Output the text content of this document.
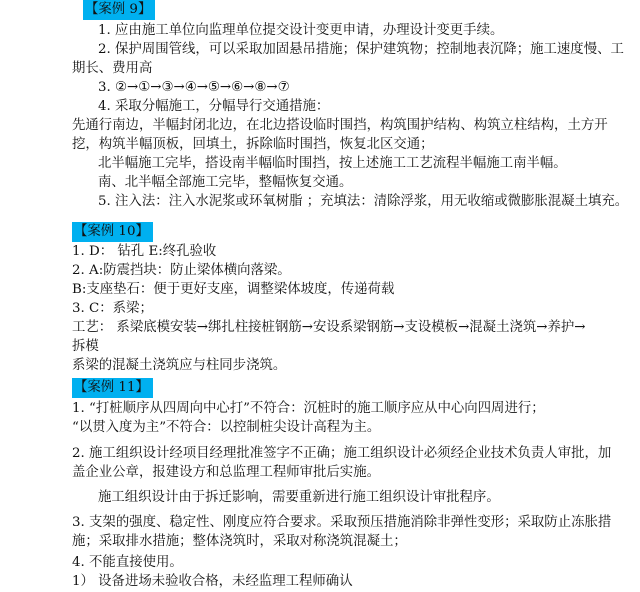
【案例 9】
1. 应由施工单位向监理单位提交设计变更申请，办理设计变更手续。
2. 保护周围管线，可以采取加固悬吊措施；保护建筑物；控制地表沉降；施工速度慢、工
期长、费用高
3. ②→①→③→④→⑤→⑥→⑧→⑦
4. 采取分幅施工，分幅导行交通措施：
先通行南边，半幅封闭北边，在北边搭设临时围挡，构筑围护结构、构筑立柱结构，土方开
挖，构筑半幅顶板，回填土，拆除临时围挡，恢复北区交通；
北半幅施工完毕，搭设南半幅临时围挡，按上述施工工艺流程半幅施工南半幅。
南、北半幅全部施工完毕，整幅恢复交通。
5. 注入法：注入水泥浆或环氧树脂 ；充填法：清除浮浆，用无收缩或微膨胀混凝土填充。
【案例 10】
1. D： 钻孔 E:终孔验收
2. A:防震挡块：防止梁体横向落梁。
B:支座垫石：便于更好支座，调整梁体坡度，传递荷载
3. C：系梁；
工艺： 系梁底模安装→绑扎柱接桩钢筋→安设系梁钢筋→支设模板→混凝土浇筑→养护→
拆模
系梁的混凝土浇筑应与柱同步浇筑。
【案例 11】
1. “打桩顺序从四周向中心打”不符合：沉桩时的施工顺序应从中心向四周进行；
“以贯入度为主”不符合：以控制桩尖设计高程为主。
2. 施工组织设计经项目经理批准签字不正确；施工组织设计必须经企业技术负责人审批，加
盖企业公章，报建设方和总监理工程师审批后实施。
施工组织设计由于拆迁影响，需要重新进行施工组织设计审批程序。
3. 支架的强度、稳定性、刚度应符合要求。采取预压措施消除非弹性变形；采取防止冻胀措
施；采取排水措施；整体浇筑时，采取对称浇筑混凝土；
4. 不能直接使用。
1） 设备进场未验收合格，未经监理工程师确认
